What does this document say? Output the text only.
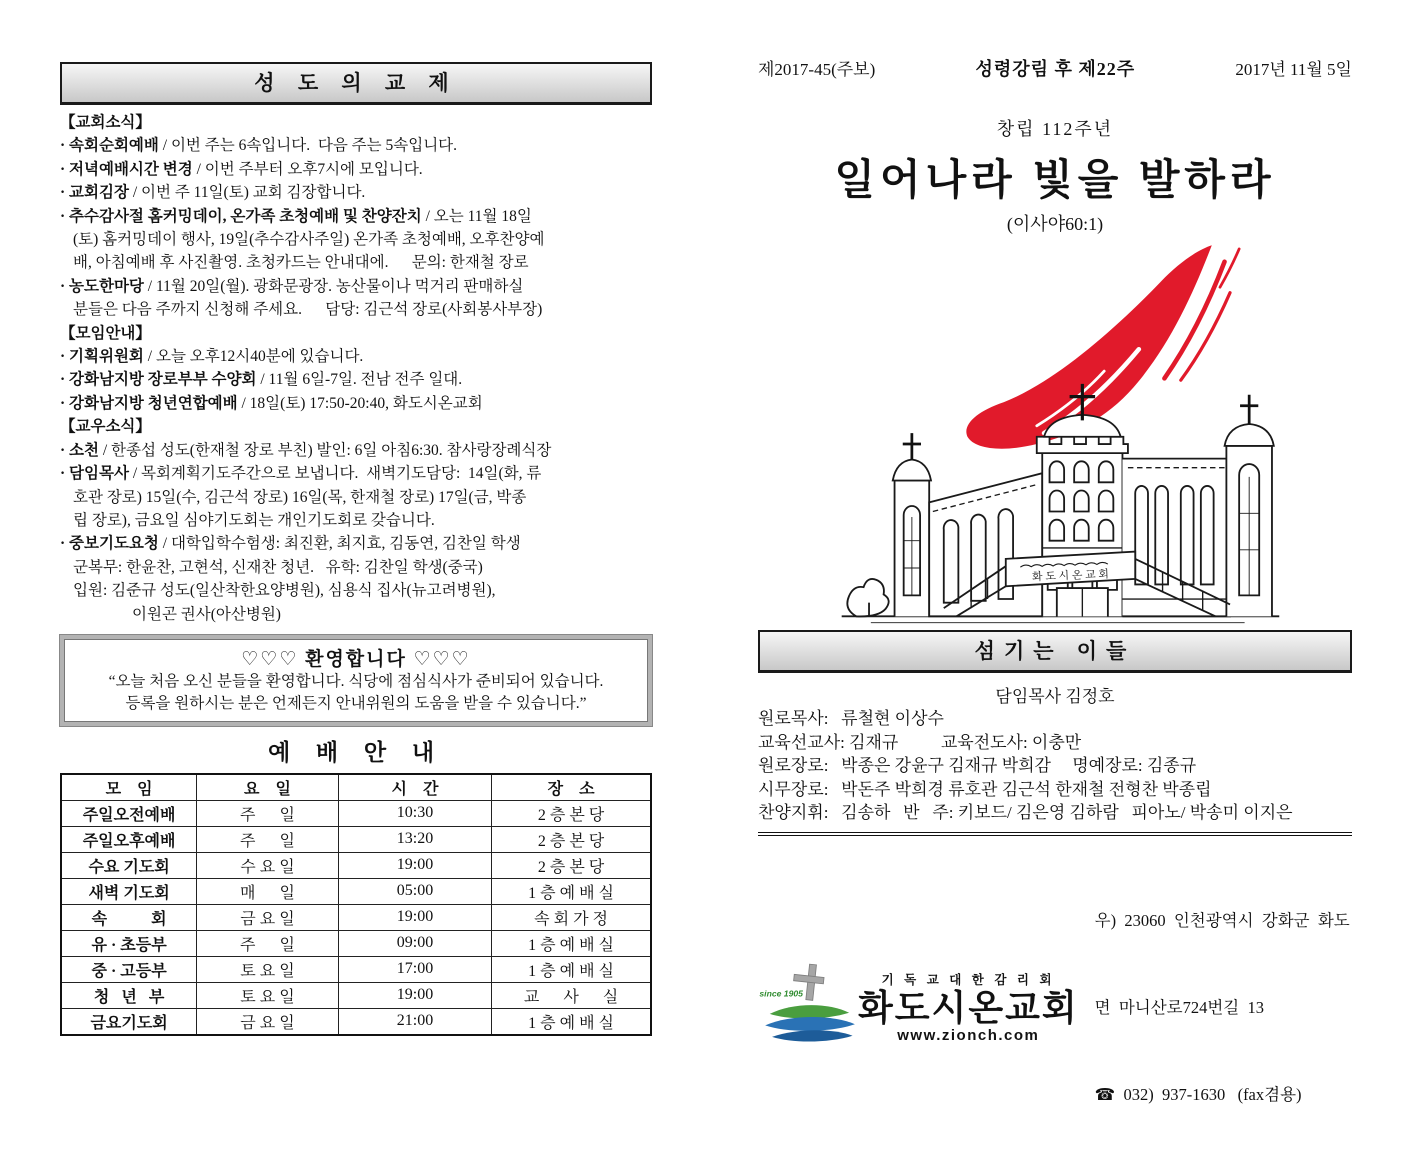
성 도 의 교 제
【교회소식】
· 속회순회예배 / 이번 주는 6속입니다.  다음 주는 5속입니다.
· 저녁예배시간 변경 / 이번 주부터 오후7시에 모입니다.
· 교회김장 / 이번 주 11일(토) 교회 김장합니다.
· 추수감사절 홈커밍데이, 온가족 초청예배 및 찬양잔치 / 오는 11월 18일
(토) 홈커밍데이 행사, 19일(추수감사주일) 온가족 초청예배, 오후찬양예
배, 아침예배 후 사진촬영. 초청카드는 안내대에.      문의: 한재철 장로
· 농도한마당 / 11월 20일(월). 광화문광장. 농산물이나 먹거리 판매하실
분들은 다음 주까지 신청해 주세요.      담당: 김근석 장로(사회봉사부장)
【모임안내】
· 기획위원회 / 오늘 오후12시40분에 있습니다.
· 강화남지방 장로부부 수양회 / 11월 6일-7일. 전남 전주 일대.
· 강화남지방 청년연합예배 / 18일(토) 17:50-20:40, 화도시온교회
【교우소식】
· 소천 / 한종섭 성도(한재철 장로 부친) 발인: 6일 아침6:30. 참사랑장례식장
· 담임목사 / 목회계획기도주간으로 보냅니다.  새벽기도담당:  14일(화, 류
호관 장로) 15일(수, 김근석 장로) 16일(목, 한재철 장로) 17일(금, 박종
립 장로), 금요일 심야기도회는 개인기도회로 갖습니다.
· 중보기도요청 / 대학입학수험생: 최진환, 최지효, 김동연, 김찬일 학생
군복무: 한윤찬, 고현석, 신재찬 청년.   유학: 김찬일 학생(중국)
입원: 김준규 성도(일산착한요양병원), 심용식 집사(뉴고려병원),
이원곤 권사(아산병원)
♡♡♡ 환영합니다 ♡♡♡
“오늘 처음 오신 분들을 환영합니다. 식당에 점심식사가 준비되어 있습니다.
등록을 원하시는 분은 언제든지 안내위원의 도움을 받을 수 있습니다.”
예 배 안 내
모    임	요    일	시    간	장    소
주일오전예배	주      일	10:30	2 층 본 당
주일오후예배	주      일	13:20	2 층 본 당
수요 기도회	수 요 일	19:00	2 층 본 당
새벽 기도회	매      일	05:00	1 층 예 배 실
속           회	금 요 일	19:00	속 회 가 정
유 · 초등부	주      일	09:00	1 층 예 배 실
중 · 고등부	토 요 일	17:00	1 층 예 배 실
청   년   부	토 요 일	19:00	교      사      실
금요기도회	금 요 일	21:00	1 층 예 배 실
제2017-45(주보)	성령강림 후 제22주	2017년 11월 5일
창립 112주년
일어나라 빛을 발하라
(이사야60:1)
화 도 시 온 교 회
섬기는 이들
담임목사 김정호
원로목사:   류철현 이상수
교육선교사: 김재규          교육전도사: 이충만
원로장로:   박종은 강윤구 김재규 박희감     명예장로: 김종규
시무장로:   박돈주 박희경 류호관 김근석 한재철 전형찬 박종립
찬양지휘:   김송하   반   주: 키보드/ 김은영 김하람   피아노/ 박송미 이지은
since 1905
기 독 교 대 한 감 리 회
화도시온교회
www.zionch.com

우)  23060  인천광역시  강화군  화도

면  마니산로724번길  13

☎  032)  937-1630   (fax겸용)
